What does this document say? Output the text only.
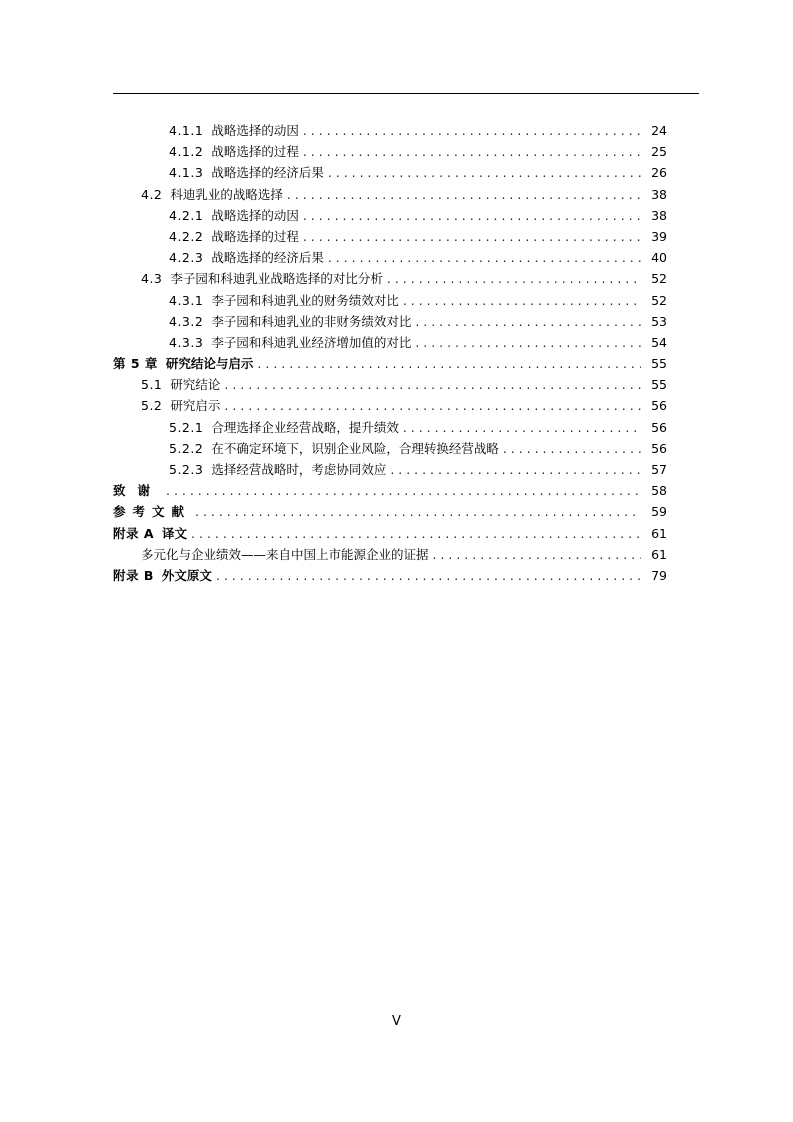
4.1.1 战略选择的动因 . . .	24
4.1.2 战略选择的过程 . . .	25
4.1.3 战略选择的经济后果 . . .	26
4.2 科迪乳业的战略选择 . . .	38
4.2.1 战略选择的动因 . . .	38
4.2.2 战略选择的过程 . . .	39
4.2.3 战略选择的经济后果 . . .	40
4.3 李子园和科迪乳业战略选择的对比分析 . . .	52
4.3.1 李子园和科迪乳业的财务绩效对比 . . .	52
4.3.2 李子园和科迪乳业的非财务绩效对比 . . .	53
4.3.3 李子园和科迪乳业经济增加值的对比 . . .	54
第 5 章 研究结论与启示 . . .	55
5.1 研究结论 . . .	55
5.2 研究启示 . . .	56
5.2.1 合理选择企业经营战略，提升绩效 . . .	56
5.2.2 在不确定环境下，识别企业风险，合理转换经营战略 . . .	56
5.2.3 选择经营战略时，考虑协同效应 . . .	57
致谢 . . .	58
参考文献 . . .	59
附录 A 译文 . . .	61
多元化与企业绩效——来自中国上市能源企业的证据 . . .	61
附录 B 外文原文 . . .	79
V
